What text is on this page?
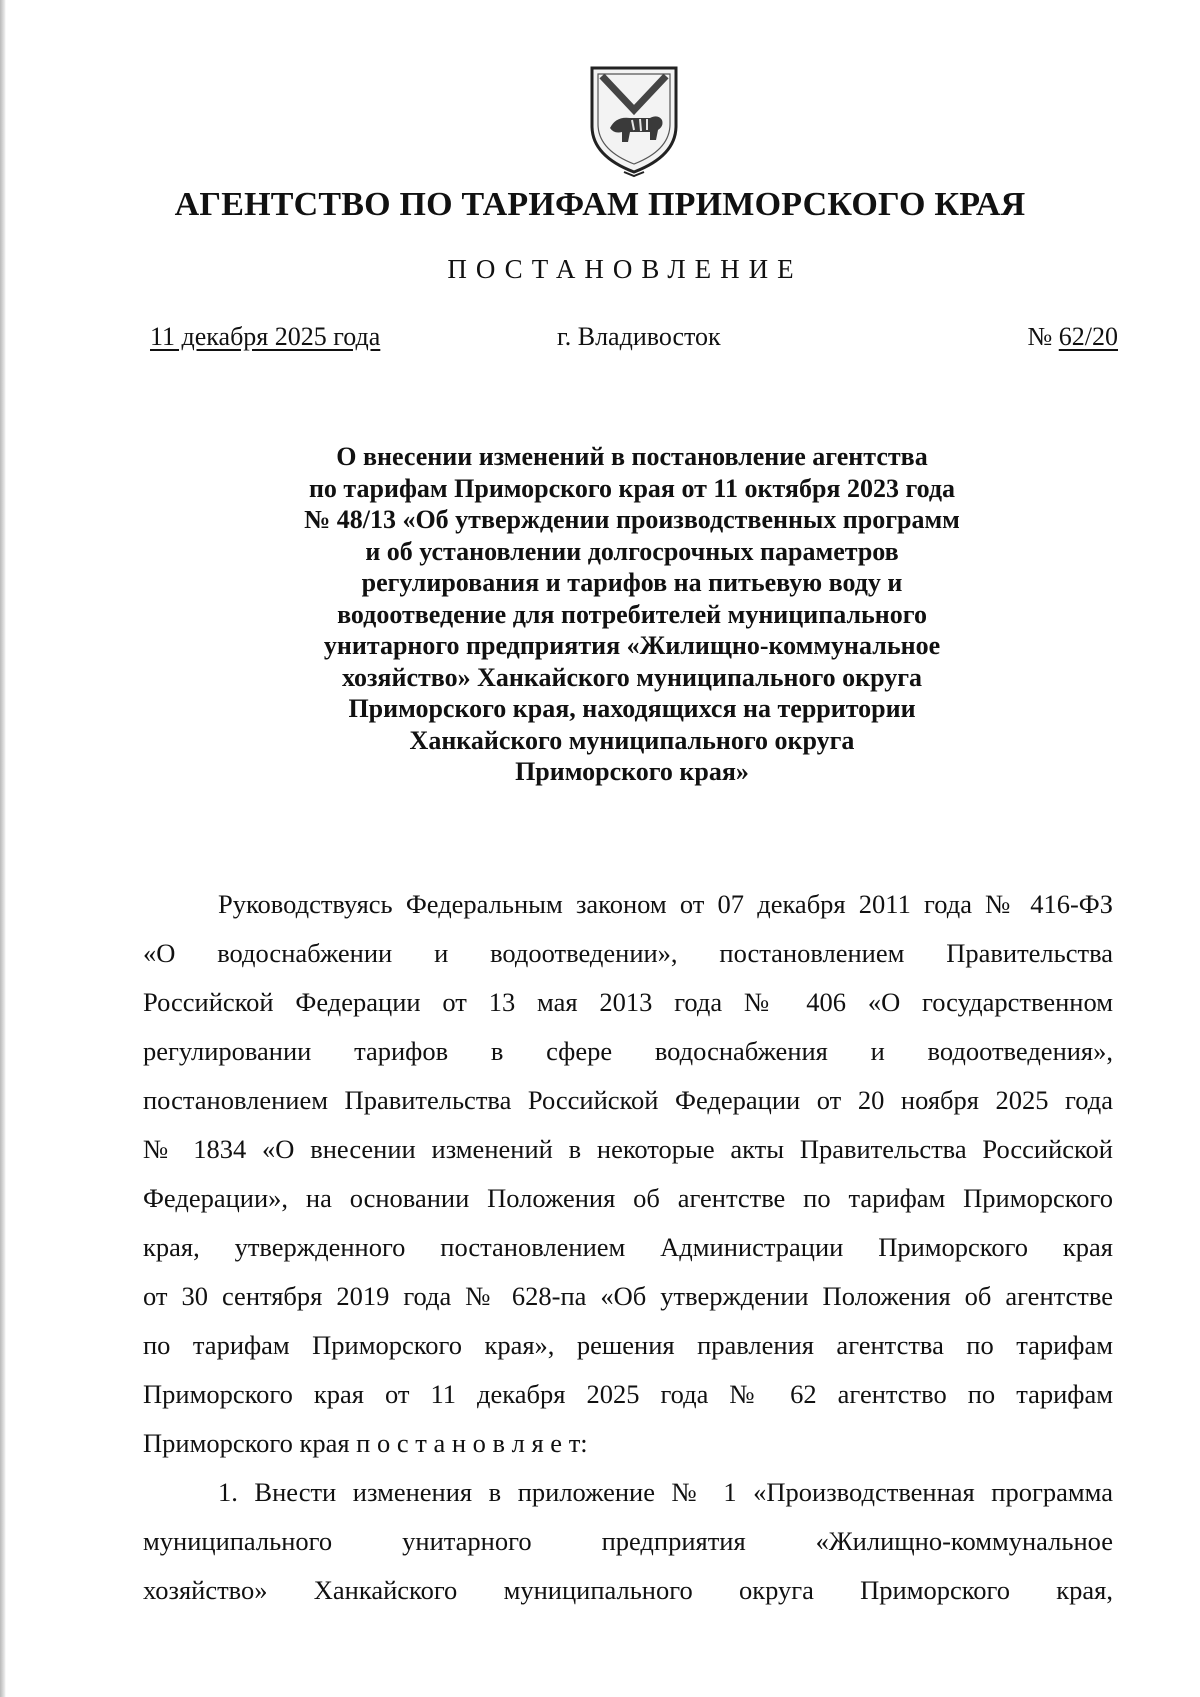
АГЕНТСТВО ПО ТАРИФАМ ПРИМОРСКОГО КРАЯ
ПОСТАНОВЛЕНИЕ
11 декабря 2025 года	г. Владивосток	№ 62/20
О внесении изменений в постановление агентства
по тарифам Приморского края от 11 октября 2023 года
№ 48/13 «Об утверждении производственных программ
и об установлении долгосрочных параметров
регулирования и тарифов на питьевую воду и
водоотведение для потребителей муниципального
унитарного предприятия «Жилищно-коммунальное
хозяйство» Ханкайского муниципального округа
Приморского края, находящихся на территории
Ханкайского муниципального округа
Приморского края»
Руководствуясь Федеральным законом от 07 декабря 2011 года № 416-ФЗ
«О водоснабжении и водоотведении», постановлением Правительства
Российской Федерации от 13 мая 2013 года № 406 «О государственном
регулировании тарифов в сфере водоснабжения и водоотведения»,
постановлением Правительства Российской Федерации от 20 ноября 2025 года
№ 1834 «О внесении изменений в некоторые акты Правительства Российской
Федерации», на основании Положения об агентстве по тарифам Приморского
края, утвержденного постановлением Администрации Приморского края
от 30 сентября 2019 года № 628-па «Об утверждении Положения об агентстве
по тарифам Приморского края», решения правления агентства по тарифам
Приморского края от 11 декабря 2025 года № 62 агентство по тарифам
Приморского края п о с т а н о в л я е т:
1. Внести изменения в приложение № 1 «Производственная программа
муниципального унитарного предприятия «Жилищно-коммунальное
хозяйство» Ханкайского муниципального округа Приморского края,
